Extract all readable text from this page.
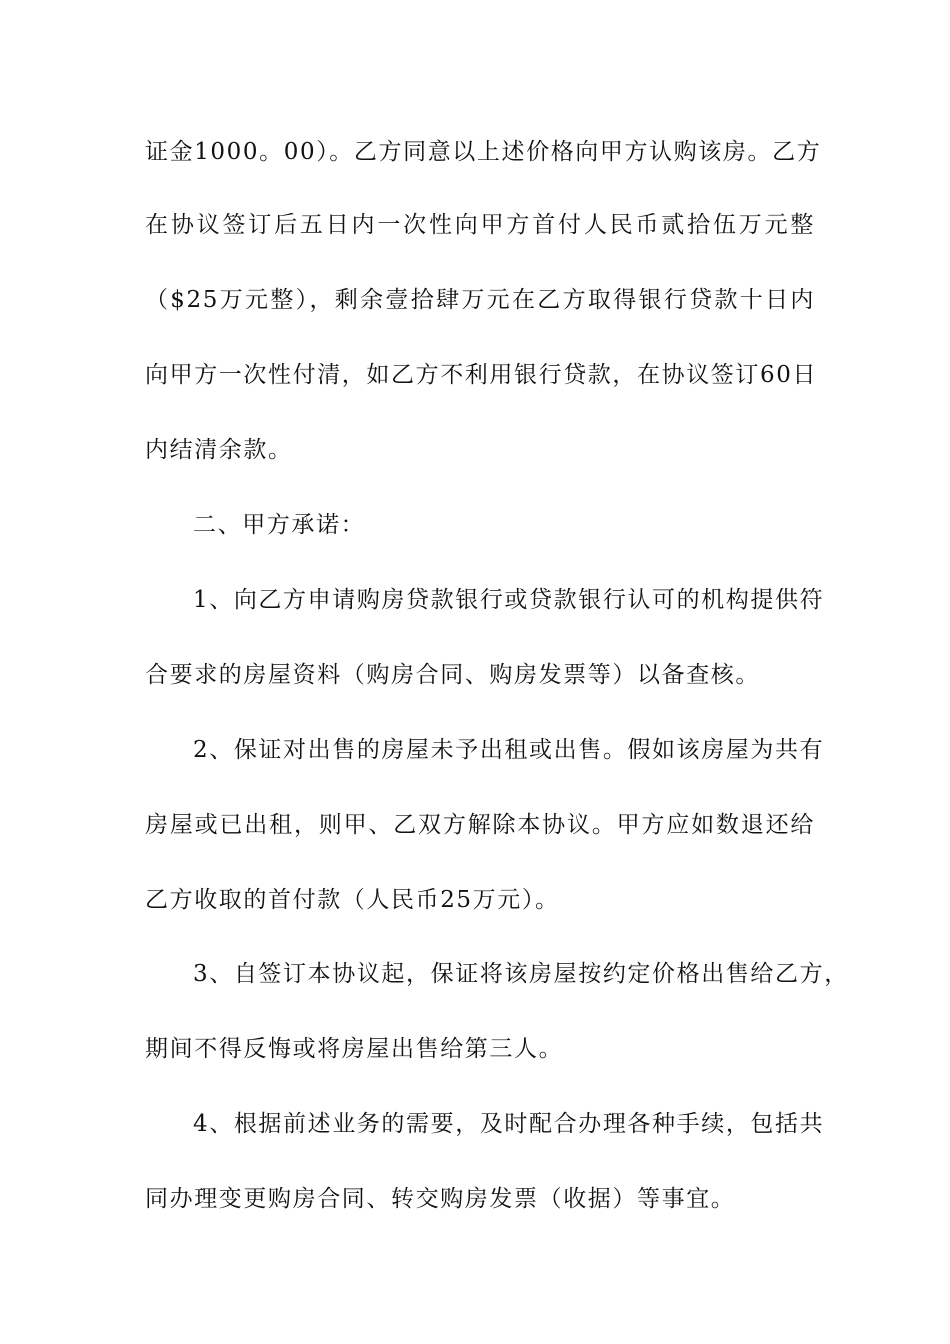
证金1000。00）。乙方同意以上述价格向甲方认购该房。乙方
在协议签订后五日内一次性向甲方首付人民币贰拾伍万元整
（$25万元整），剩余壹拾肆万元在乙方取得银行贷款十日内
向甲方一次性付清，如乙方不利用银行贷款，在协议签订60日
内结清余款。
二、甲方承诺：
1、向乙方申请购房贷款银行或贷款银行认可的机构提供符
合要求的房屋资料（购房合同、购房发票等）以备查核。
2、保证对出售的房屋未予出租或出售。假如该房屋为共有
房屋或已出租，则甲、乙双方解除本协议。甲方应如数退还给
乙方收取的首付款（人民币25万元）。
3、自签订本协议起，保证将该房屋按约定价格出售给乙方，
期间不得反悔或将房屋出售给第三人。
4、根据前述业务的需要，及时配合办理各种手续，包括共
同办理变更购房合同、转交购房发票（收据）等事宜。
